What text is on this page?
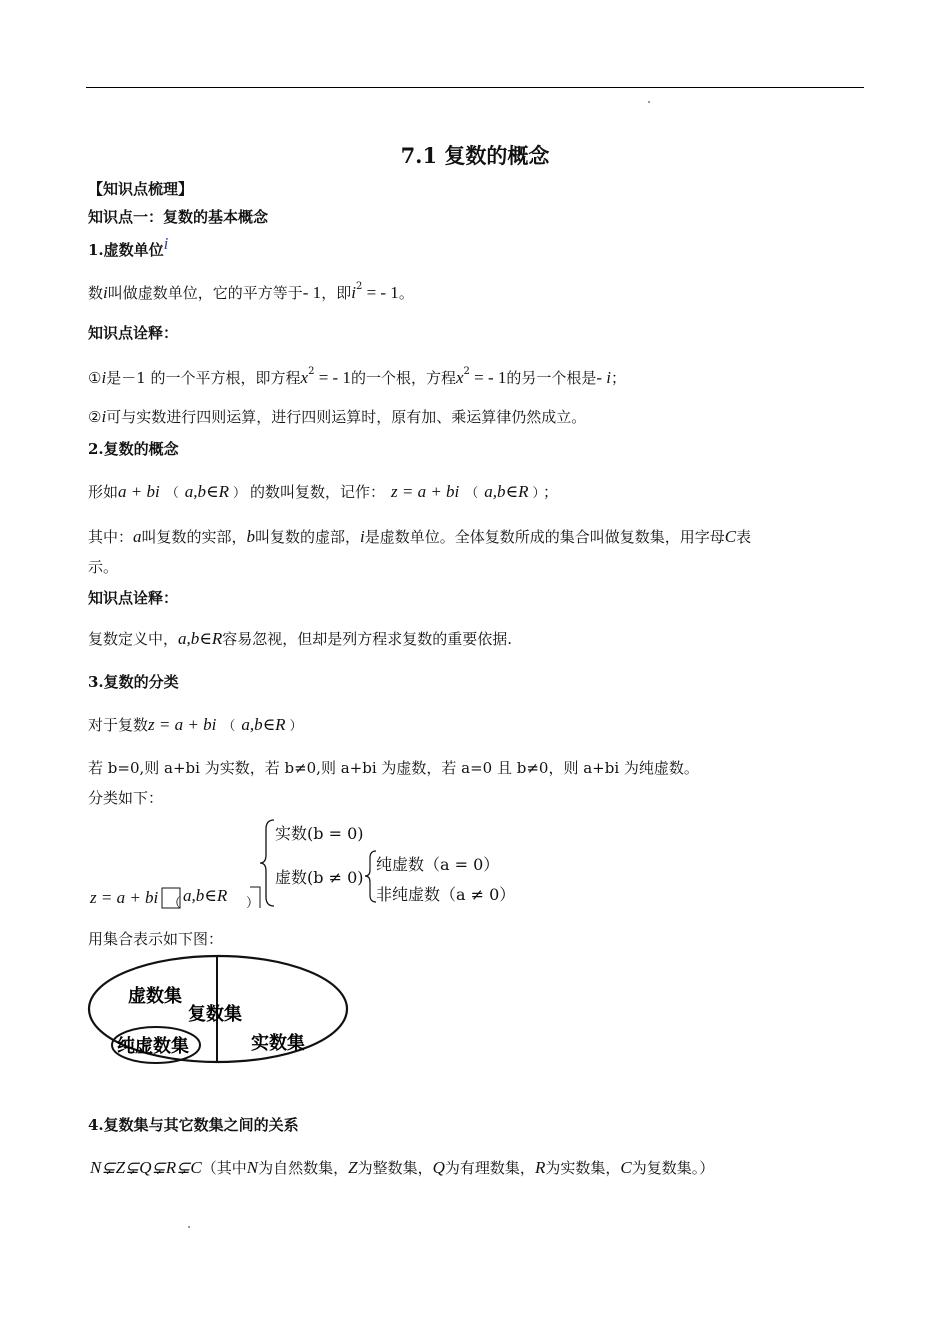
7.1 复数的概念
【知识点梳理】
知识点一：复数的基本概念
1.虚数单位i
数i叫做虚数单位，它的平方等于- 1，即$i^2$ = - 1。
知识点诠释：
①i是－1 的一个平方根，即方程$x^2$ = - 1的一个根，方程$x^2$ = - 1的另一个根是- i；
②i可与实数进行四则运算，进行四则运算时，原有加、乘运算律仍然成立。
2.复数的概念
形如a + bi （ a,b∈R ） 的数叫复数，记作： z = a + bi （ a,b∈R ） ；
其中：a叫复数的实部，b叫复数的虚部，i是虚数单位。全体复数所成的集合叫做复数集，用字母C表
示。
知识点诠释：
复数定义中，a,b∈R容易忽视，但却是列方程求复数的重要依据.
3.复数的分类
对于复数z = a + bi （ a,b∈R ）
若 b=0,则 a+bi 为实数，若 b≠0,则 a+bi 为虚数，若 a=0 且 b≠0，则 a+bi 为纯虚数。
分类如下：
z = a + bi （ a,b∈R ）
实数(b = 0)
虚数(b ≠ 0)
纯虚数（a = 0）
非纯虚数（a ≠ 0）
用集合表示如下图：
虚数集
复数集
纯虚数集	实数集
4.复数集与其它数集之间的关系
N⊊Z⊊Q⊊R⊊C（其中N为自然数集，Z为整数集，Q为有理数集，R为实数集，C为复数集。）
